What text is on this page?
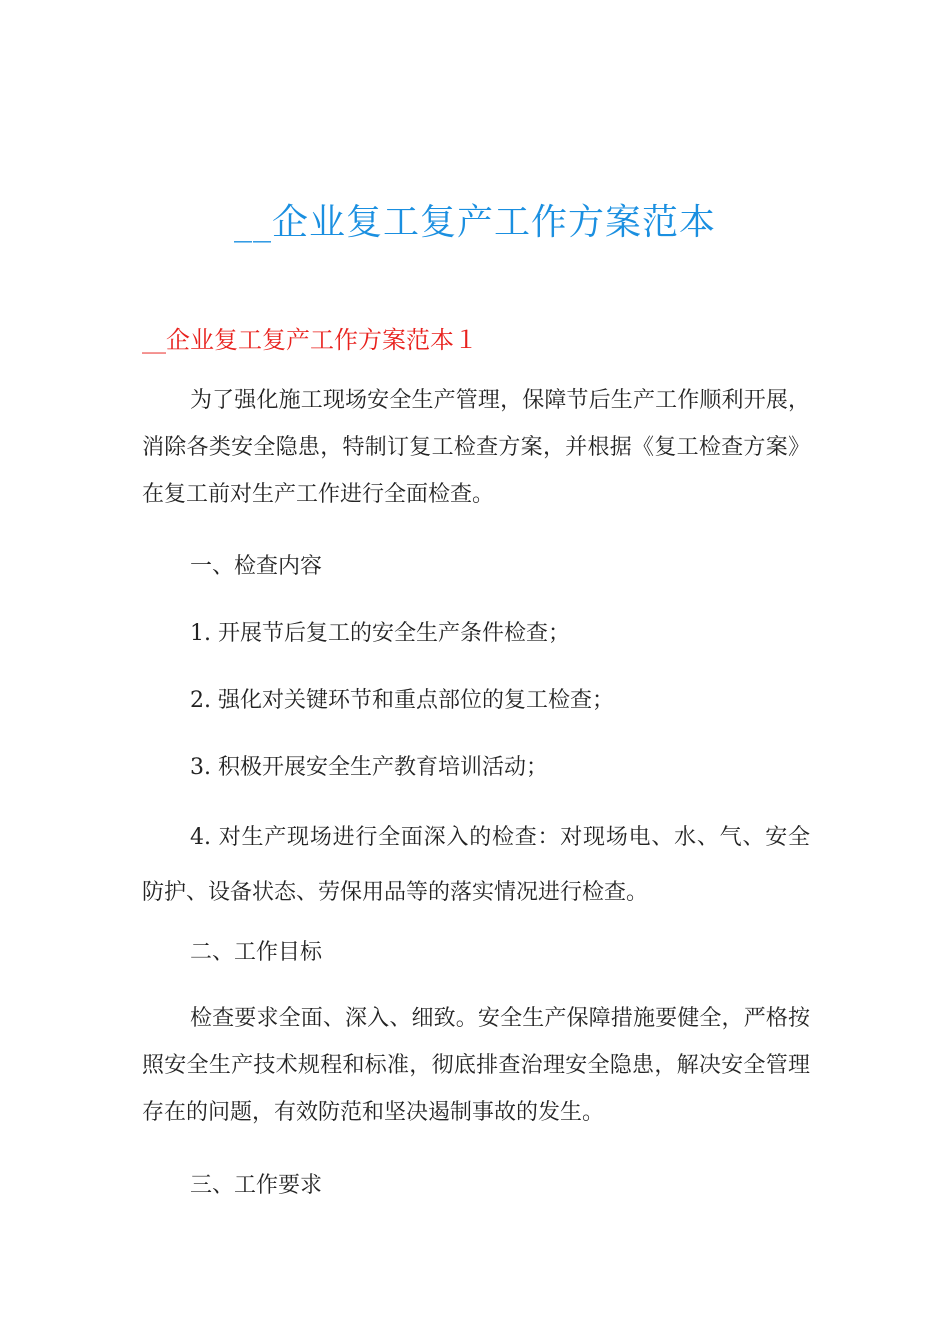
__企业复工复产工作方案范本
__企业复工复产工作方案范本１

为了强化施工现场安全生产管理，保障节后生产工作顺利开展，消除各类安全隐患，特制订复工检查方案，并根据《复工检查方案》在复工前对生产工作进行全面检查。

一、检查内容

1. 开展节后复工的安全生产条件检查；

2. 强化对关键环节和重点部位的复工检查；

3. 积极开展安全生产教育培训活动；

4. 对生产现场进行全面深入的检查：对现场电、水、气、安全防护、设备状态、劳保用品等的落实情况进行检查。

二、工作目标

检查要求全面、深入、细致。安全生产保障措施要健全，严格按照安全生产技术规程和标准，彻底排查治理安全隐患，解决安全管理存在的问题，有效防范和坚决遏制事故的发生。

三、工作要求
